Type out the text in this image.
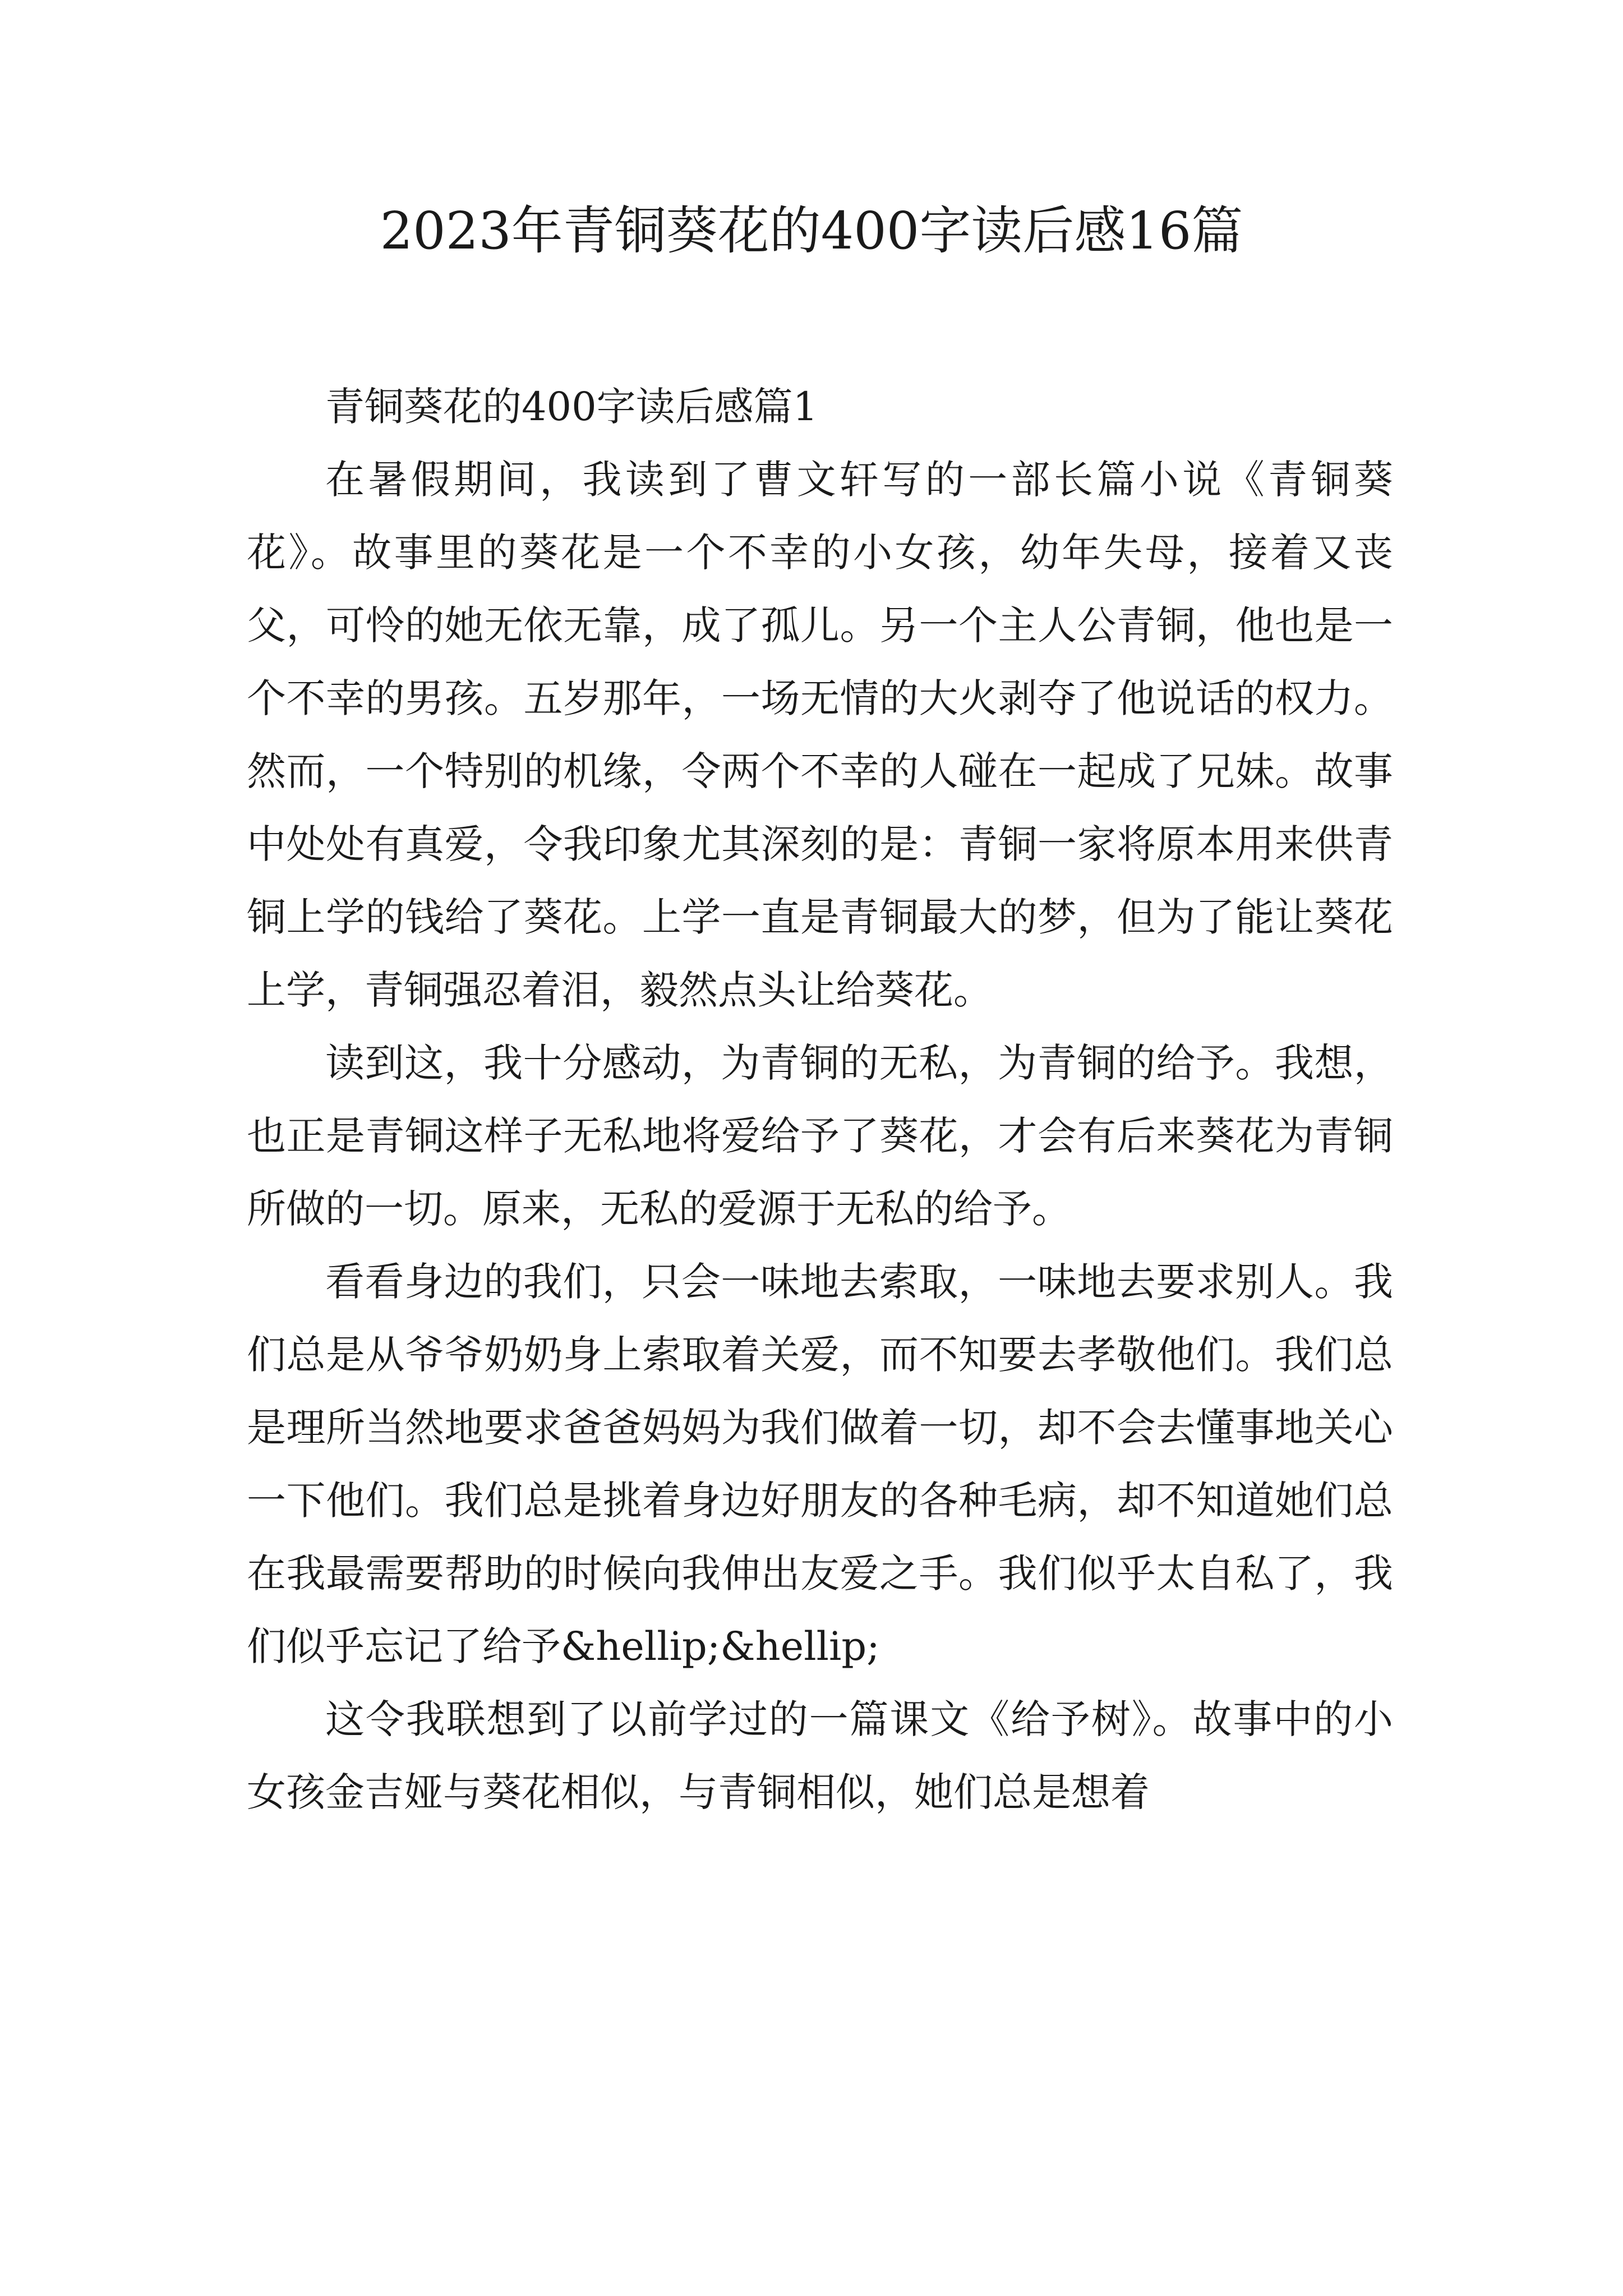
2023年青铜葵花的400字读后感16篇

青铜葵花的400字读后感篇1

在暑假期间，我读到了曹文轩写的一部长篇小说《青铜葵花》。故事里的葵花是一个不幸的小女孩，幼年失母，接着又丧父，可怜的她无依无靠，成了孤儿。另一个主人公青铜，他也是一个不幸的男孩。五岁那年，一场无情的大火剥夺了他说话的权力。然而，一个特别的机缘，令两个不幸的人碰在一起成了兄妹。故事中处处有真爱，令我印象尤其深刻的是：青铜一家将原本用来供青铜上学的钱给了葵花。上学一直是青铜最大的梦，但为了能让葵花上学，青铜强忍着泪，毅然点头让给葵花。

读到这，我十分感动，为青铜的无私，为青铜的给予。我想，也正是青铜这样子无私地将爱给予了葵花，才会有后来葵花为青铜所做的一切。原来，无私的爱源于无私的给予。

看看身边的我们，只会一味地去索取，一味地去要求别人。我们总是从爷爷奶奶身上索取着关爱，而不知要去孝敬他们。我们总是理所当然地要求爸爸妈妈为我们做着一切，却不会去懂事地关心一下他们。我们总是挑着身边好朋友的各种毛病，却不知道她们总在我最需要帮助的时候向我伸出友爱之手。我们似乎太自私了，我们似乎忘记了给予&hellip;&hellip;

这令我联想到了以前学过的一篇课文《给予树》。故事中的小女孩金吉娅与葵花相似，与青铜相似，她们总是想着
